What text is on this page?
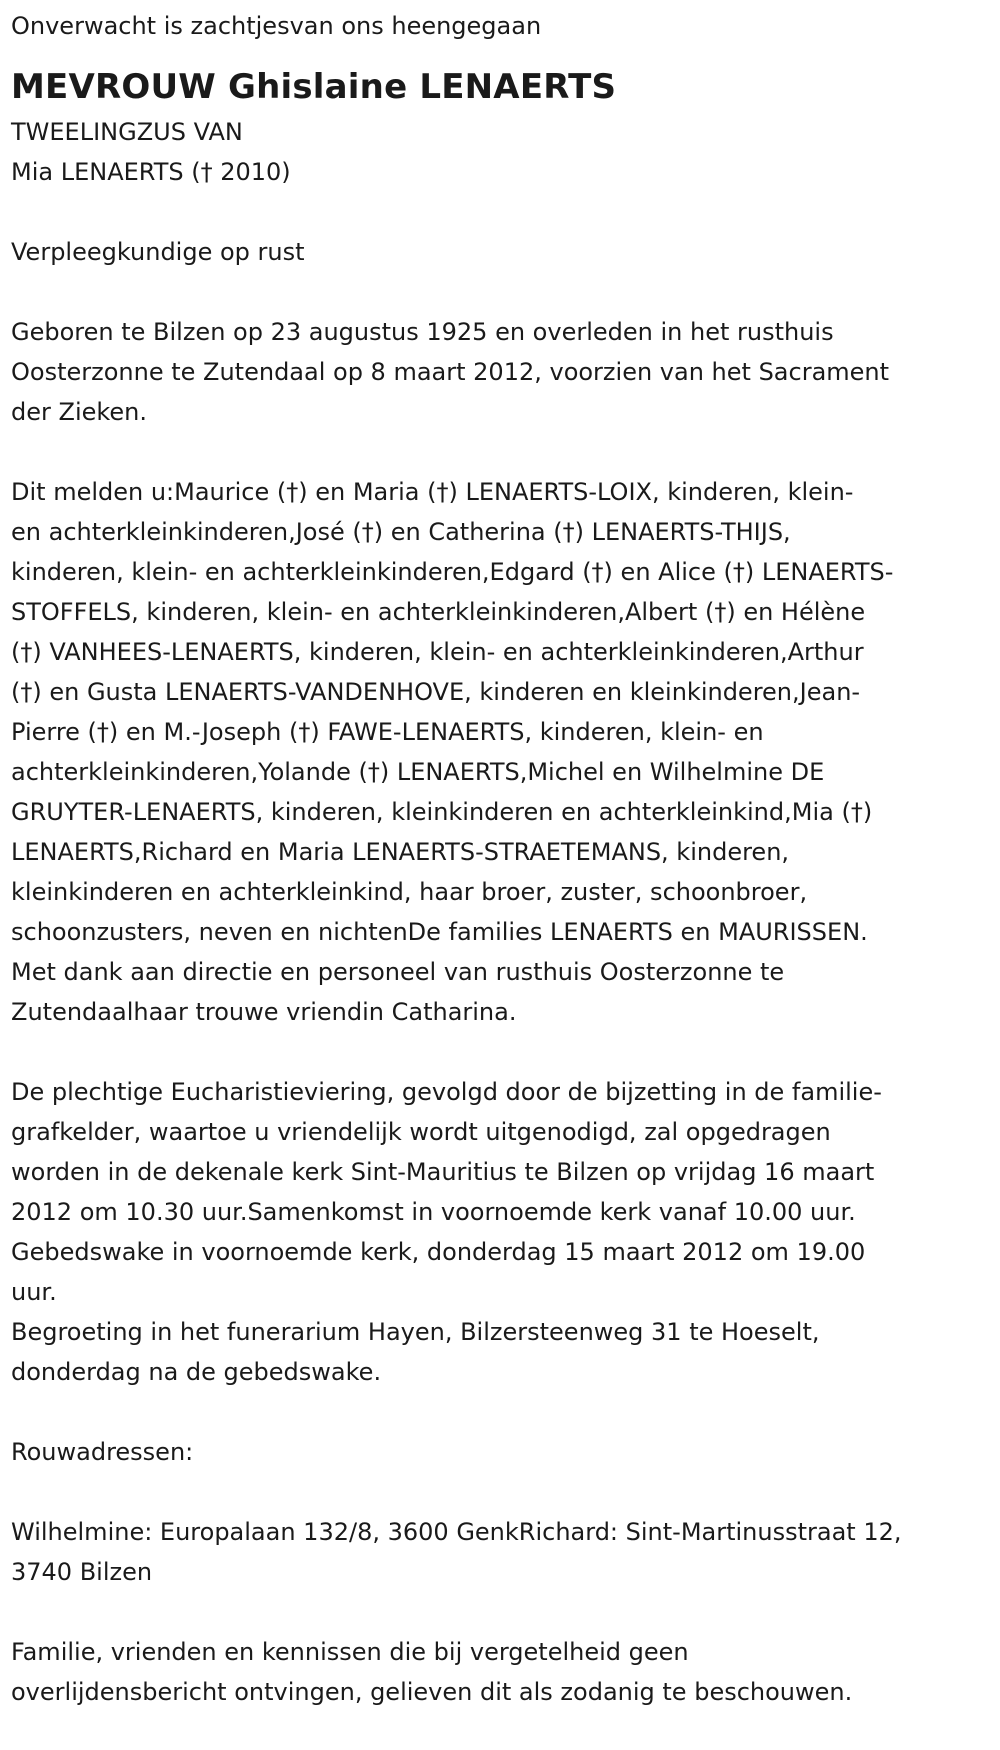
Onverwacht is zachtjesvan ons heengegaan

MEVROUW Ghislaine LENAERTS

TWEELINGZUS VAN
Mia LENAERTS († 2010)

Verpleegkundige op rust

Geboren te Bilzen op 23 augustus 1925 en overleden in het rusthuis
Oosterzonne te Zutendaal op 8 maart 2012, voorzien van het Sacrament
der Zieken.

Dit melden u:Maurice (†) en Maria (†) LENAERTS-LOIX, kinderen, klein-
en achterkleinkinderen,José (†) en Catherina (†) LENAERTS-THIJS,
kinderen, klein- en achterkleinkinderen,Edgard (†) en Alice (†) LENAERTS-
STOFFELS, kinderen, klein- en achterkleinkinderen,Albert (†) en Hélène
(†) VANHEES-LENAERTS, kinderen, klein- en achterkleinkinderen,Arthur
(†) en Gusta LENAERTS-VANDENHOVE, kinderen en kleinkinderen,Jean-
Pierre (†) en M.-Joseph (†) FAWE-LENAERTS, kinderen, klein- en
achterkleinkinderen,Yolande (†) LENAERTS,Michel en Wilhelmine DE
GRUYTER-LENAERTS, kinderen, kleinkinderen en achterkleinkind,Mia (†)
LENAERTS,Richard en Maria LENAERTS-STRAETEMANS, kinderen,
kleinkinderen en achterkleinkind, haar broer, zuster, schoonbroer,
schoonzusters, neven en nichtenDe families LENAERTS en MAURISSEN.
Met dank aan directie en personeel van rusthuis Oosterzonne te
Zutendaalhaar trouwe vriendin Catharina.

De plechtige Eucharistieviering, gevolgd door de bijzetting in de familie-
grafkelder, waartoe u vriendelijk wordt uitgenodigd, zal opgedragen
worden in de dekenale kerk Sint-Mauritius te Bilzen op vrijdag 16 maart
2012 om 10.30 uur.Samenkomst in voornoemde kerk vanaf 10.00 uur.
Gebedswake in voornoemde kerk, donderdag 15 maart 2012 om 19.00
uur.
Begroeting in het funerarium Hayen, Bilzersteenweg 31 te Hoeselt,
donderdag na de gebedswake.

Rouwadressen:

Wilhelmine: Europalaan 132/8, 3600 GenkRichard: Sint-Martinusstraat 12,
3740 Bilzen

Familie, vrienden en kennissen die bij vergetelheid geen
overlijdensbericht ontvingen, gelieven dit als zodanig te beschouwen.
